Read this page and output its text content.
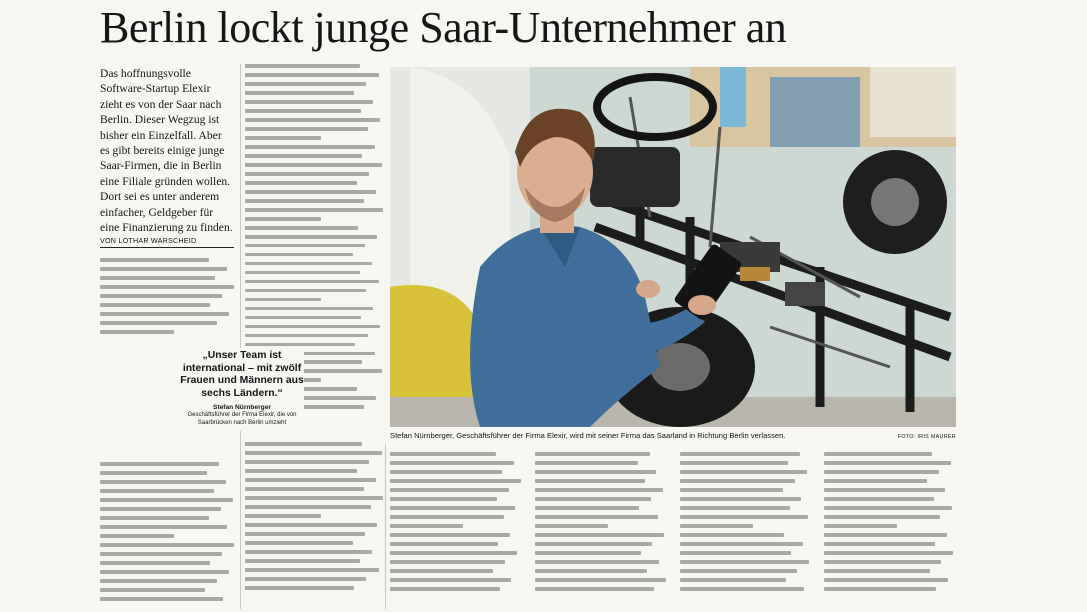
Berlin lockt junge Saar-Unternehmer an

Das hoffnungsvolle Software-Startup Elexir zieht es von der Saar nach Berlin. Dieser Wegzug ist bisher ein Einzelfall. Aber es gibt bereits einige junge Saar-Firmen, die in Berlin eine Filiale gründen wollen. Dort sei es unter anderem einfacher, Geldgeber für eine Finanzierung zu finden.

VON LOTHAR WARSCHEID

„Unser Team ist international – mit zwölf Frauen und Männern aus sechs Ländern.“

Stefan Nürnberger

Geschäftsführer der Firma Elexir, die von Saarbrücken nach Berlin umzieht

Stefan Nürnberger, Geschäftsführer der Firma Elexir, wird mit seiner Firma das Saarland in Richtung Berlin verlassen.	FOTO: IRIS MAURER
